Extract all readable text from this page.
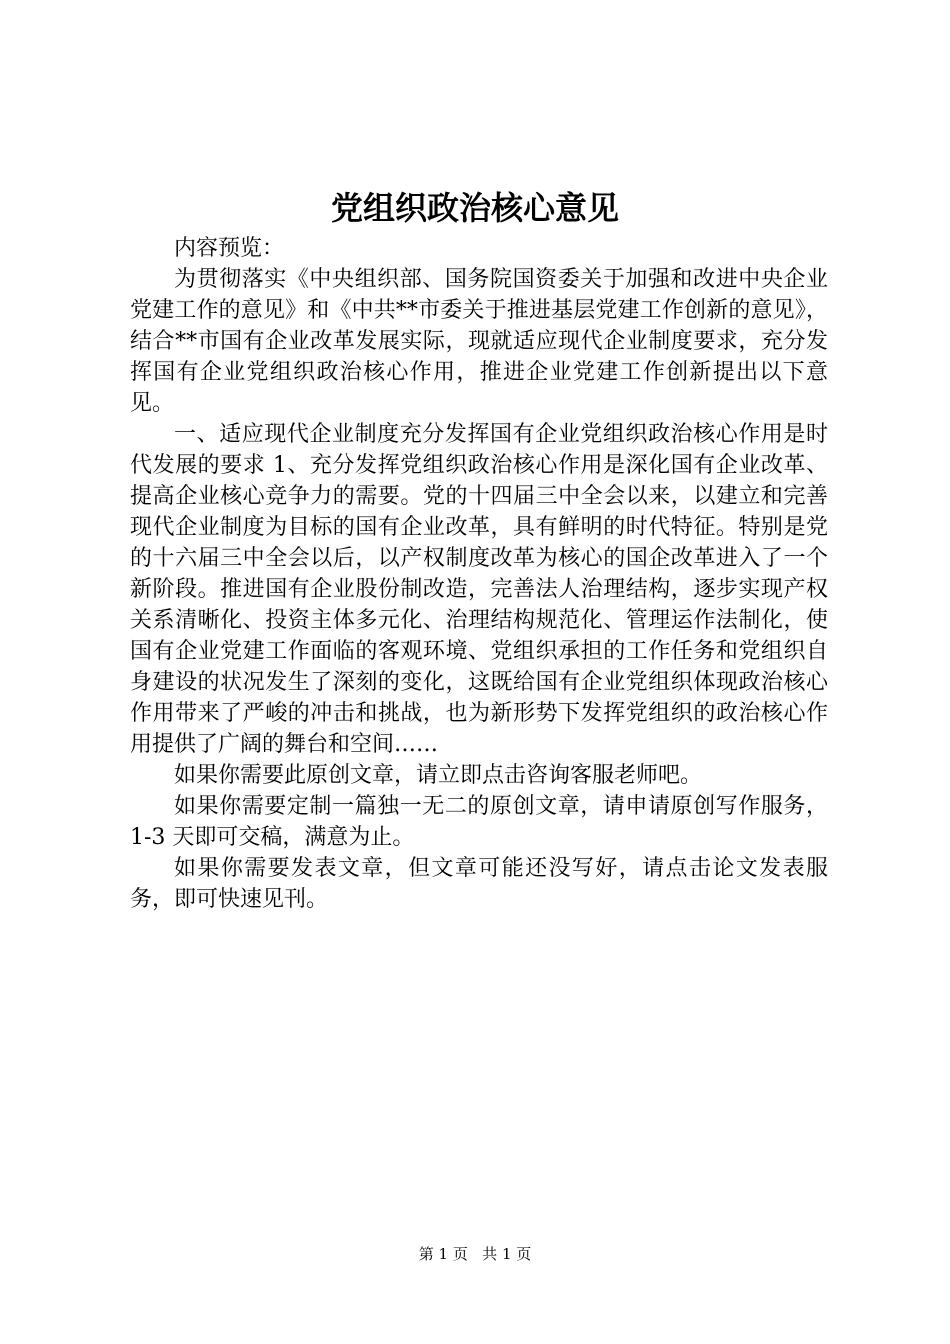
党组织政治核心意见

内容预览：

为贯彻落实《中央组织部、国务院国资委关于加强和改进中央企业党建工作的意见》和《中共**市委关于推进基层党建工作创新的意见》，结合**市国有企业改革发展实际，现就适应现代企业制度要求，充分发挥国有企业党组织政治核心作用，推进企业党建工作创新提出以下意见。

一、适应现代企业制度充分发挥国有企业党组织政治核心作用是时代发展的要求 1、充分发挥党组织政治核心作用是深化国有企业改革、提高企业核心竞争力的需要。党的十四届三中全会以来，以建立和完善现代企业制度为目标的国有企业改革，具有鲜明的时代特征。特别是党的十六届三中全会以后，以产权制度改革为核心的国企改革进入了一个新阶段。推进国有企业股份制改造，完善法人治理结构，逐步实现产权关系清晰化、投资主体多元化、治理结构规范化、管理运作法制化，使国有企业党建工作面临的客观环境、党组织承担的工作任务和党组织自身建设的状况发生了深刻的变化，这既给国有企业党组织体现政治核心作用带来了严峻的冲击和挑战，也为新形势下发挥党组织的政治核心作用提供了广阔的舞台和空间……

如果你需要此原创文章，请立即点击咨询客服老师吧。

如果你需要定制一篇独一无二的原创文章，请申请原创写作服务，1-3 天即可交稿，满意为止。

如果你需要发表文章，但文章可能还没写好，请点击论文发表服务，即可快速见刊。

第 1 页 共 1 页
